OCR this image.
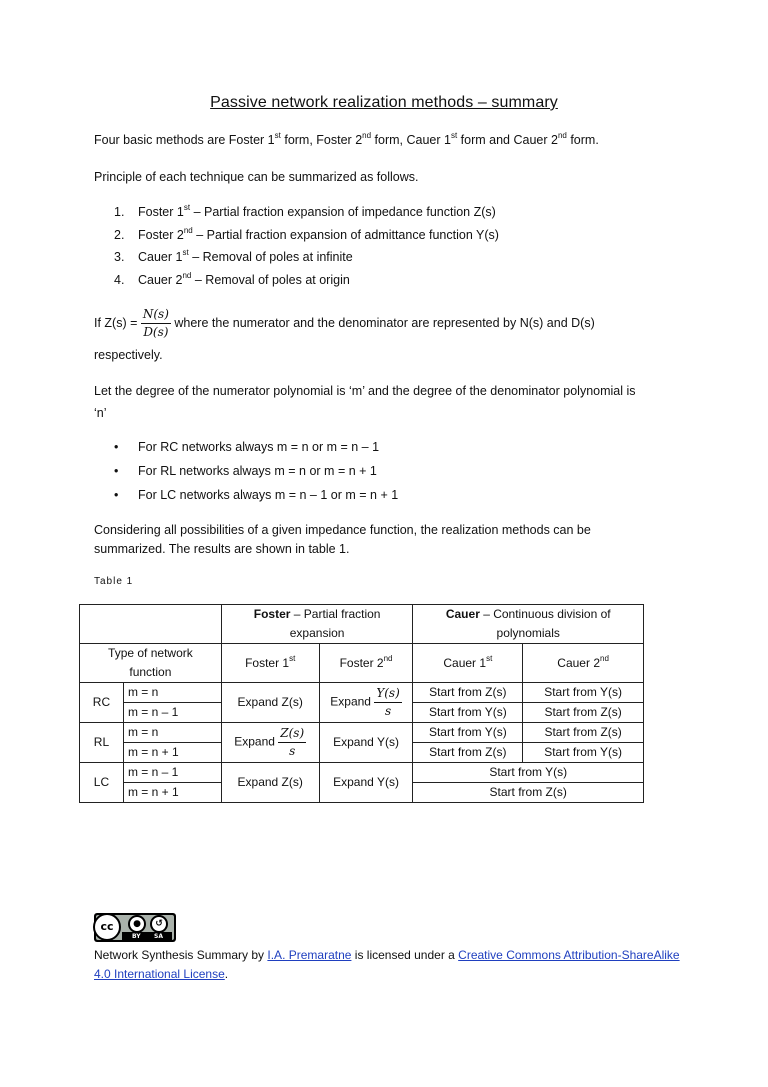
Passive network realization methods – summary
Four basic methods are Foster 1st form, Foster 2nd form, Cauer 1st form and Cauer 2nd form.
Principle of each technique can be summarized as follows.
1. Foster 1st – Partial fraction expansion of impedance function Z(s)
2. Foster 2nd – Partial fraction expansion of admittance function Y(s)
3. Cauer 1st – Removal of poles at infinite
4. Cauer 2nd – Removal of poles at origin
If $Z(s) = \frac{N(s)}{D(s)}$ where the numerator and the denominator are represented by N(s) and D(s)
respectively.
Let the degree of the numerator polynomial is ‘m’ and the degree of the denominator polynomial is
‘n’
• For RC networks always m = n or m = n – 1
• For RL networks always m = n or m = n + 1
• For LC networks always m = n – 1 or m = n + 1
Considering all possibilities of a given impedance function, the realization methods can be
summarized. The results are shown in table 1.
Table 1
		Foster – Partial fraction expansion		Cauer – Continuous division of polynomials	
Type of network function		Foster 1st	Foster 2nd	Cauer 1st	Cauer 2nd
RC	m = n	Expand Z(s)	Expand $\frac{Y(s)}{s}$	Start from Z(s)	Start from Y(s)
	m = n – 1			Start from Y(s)	Start from Z(s)
RL	m = n	Expand $\frac{Z(s)}{s}$	Expand Y(s)	Start from Y(s)	Start from Z(s)
	m = n + 1			Start from Z(s)	Start from Y(s)
LC	m = n – 1	Expand Z(s)	Expand Y(s)	Start from Y(s)	
	m = n + 1			Start from Z(s)	
cc	●	↺
BY SA
Network Synthesis Summary by I.A. Premaratne is licensed under a Creative Commons Attribution-ShareAlike 4.0 International License.
